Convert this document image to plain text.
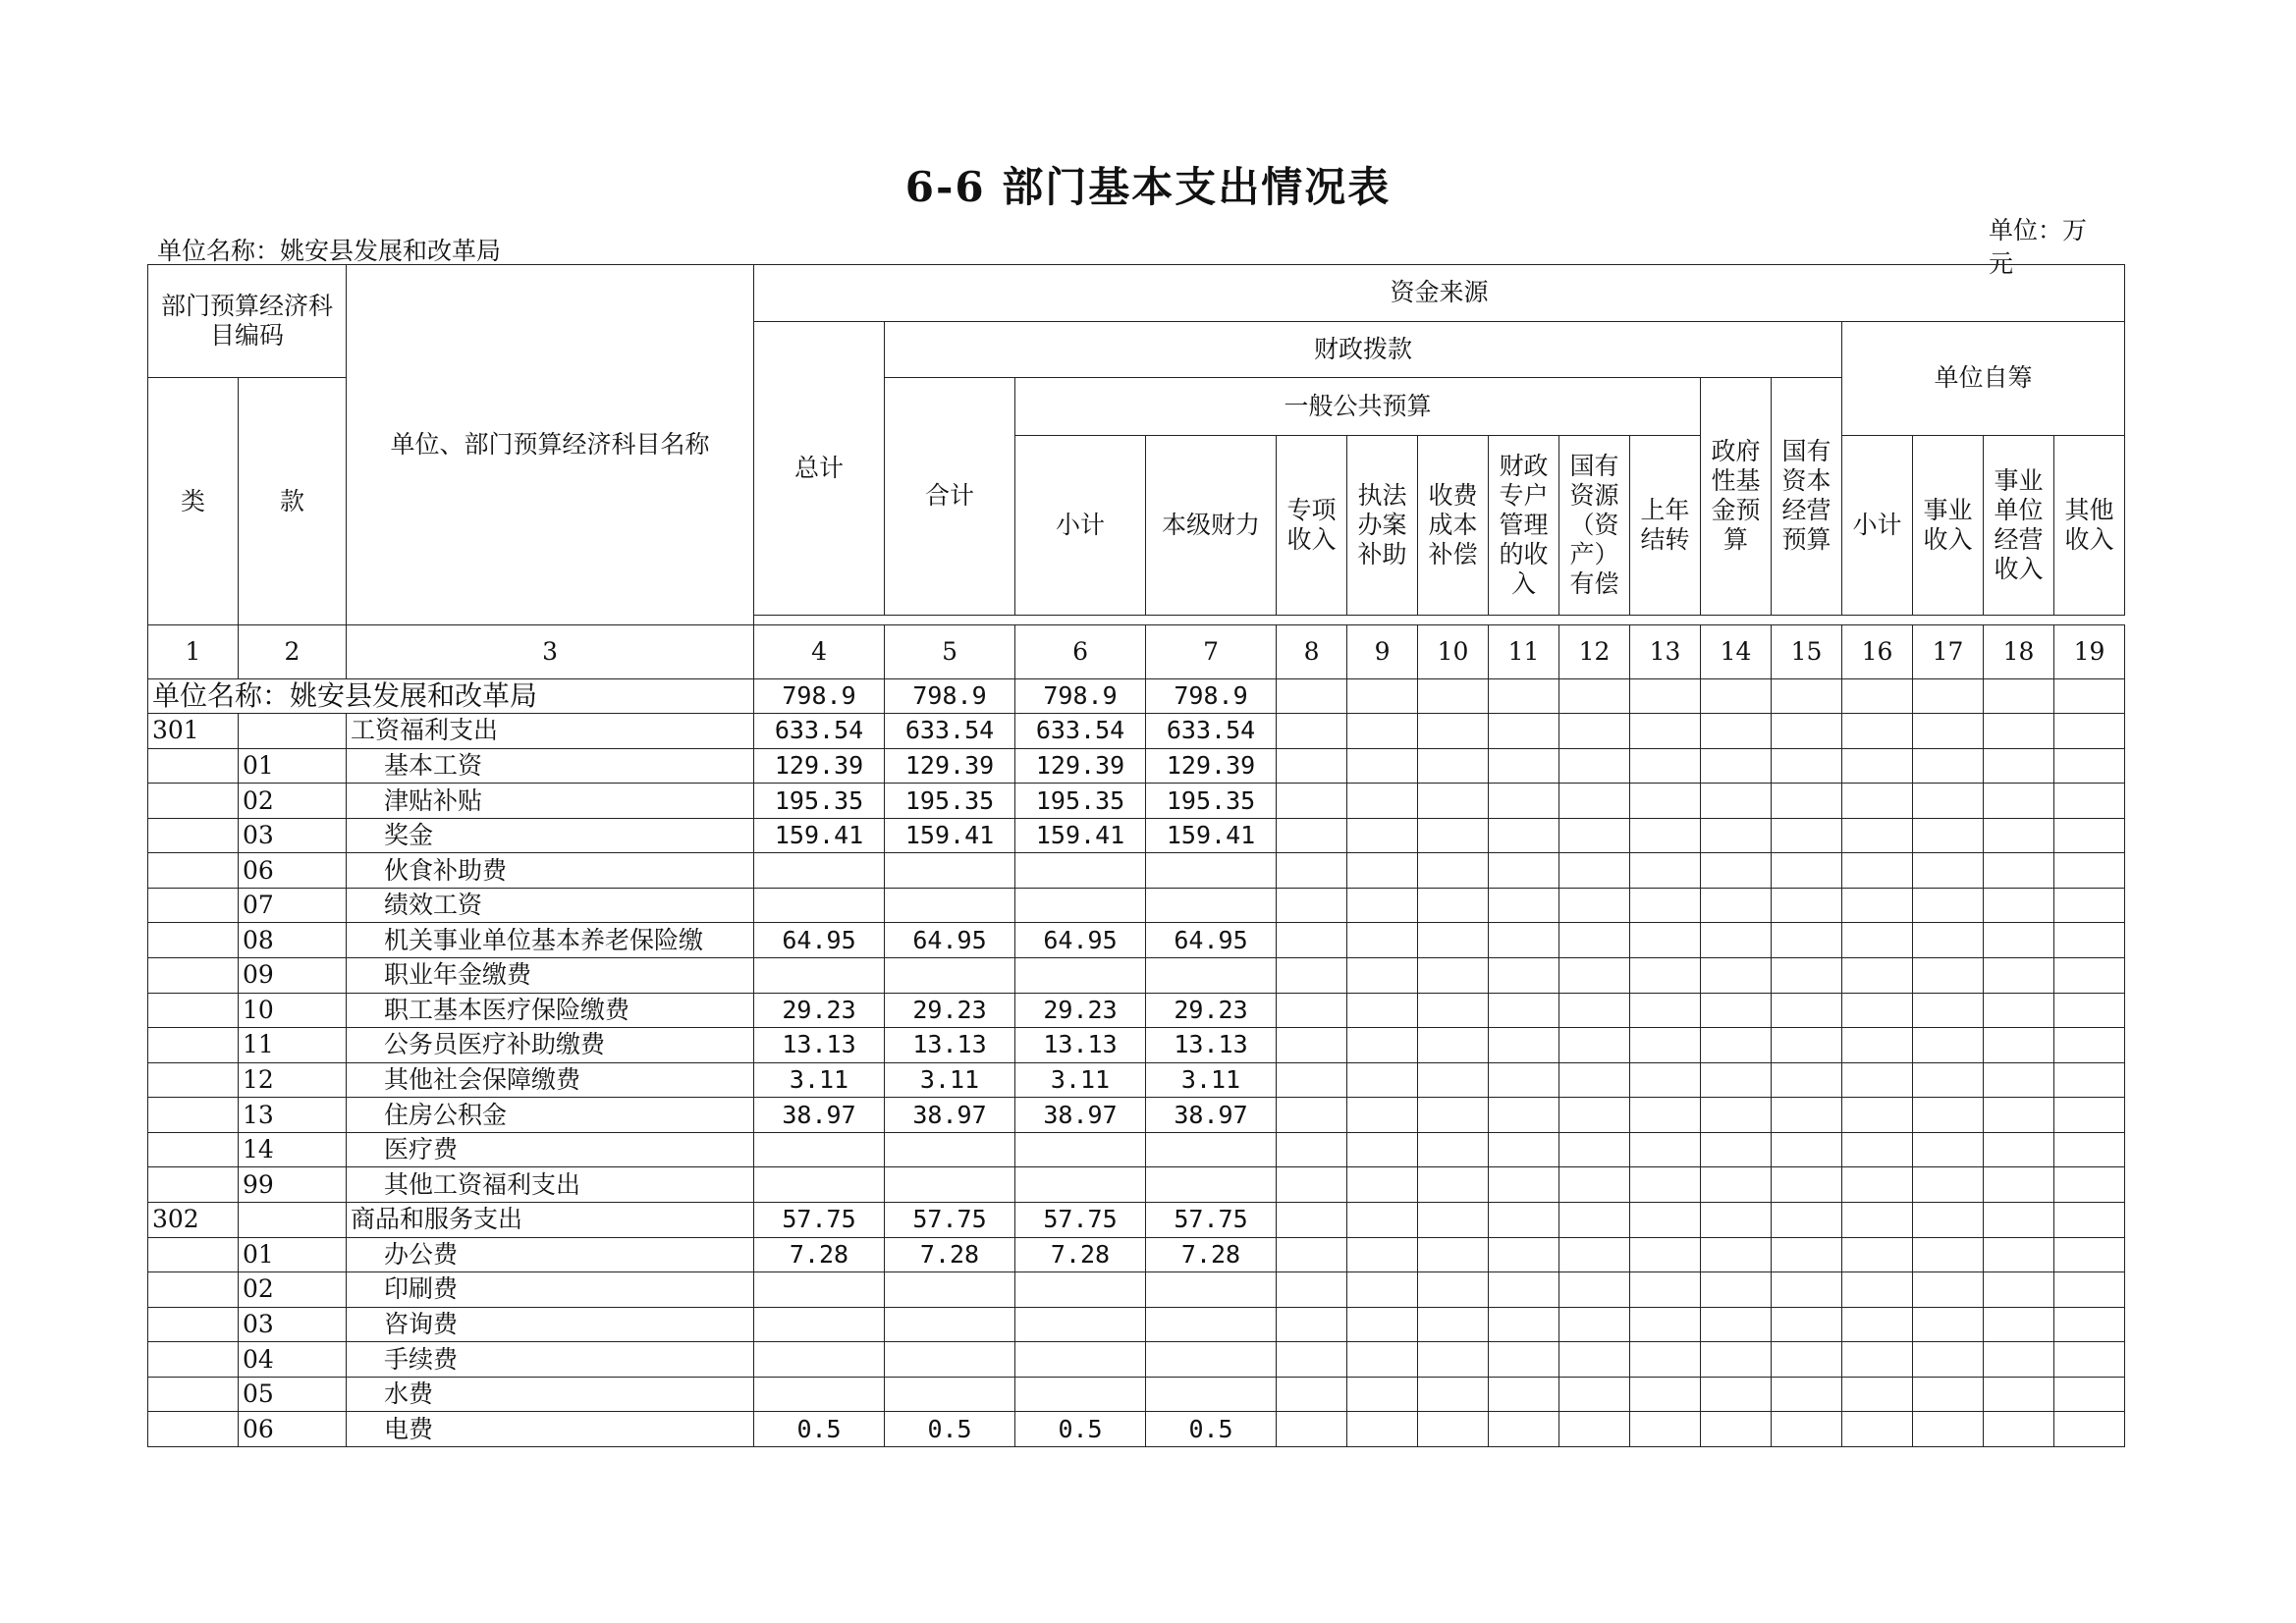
6-6 部门基本支出情况表
单位名称：姚安县发展和改革局
单位：万元
部门预算经济科目编码		单位、部门预算经济科目名称	资金来源															
			总计	财政拨款											单位自筹			
类	款			合计	一般公共预算								政府性基金预算	国有资本经营预算				
					小计	本级财力	专项收入	执法办案补助	收费成本补偿	财政专户管理的收入	国有资源（资产）有偿	上年结转			小计	事业收入	事业单位经营收入	其他收入

1	2	3	4	5	6	7	8	9	10	11	12	13	14	15	16	17	18	19
单位名称：姚安县发展和改革局			798.9	798.9	798.9	798.9												
301		工资福利支出	633.54	633.54	633.54	633.54												
	01	基本工资	129.39	129.39	129.39	129.39												
	02	津贴补贴	195.35	195.35	195.35	195.35												
	03	奖金	159.41	159.41	159.41	159.41												
	06	伙食补助费																
	07	绩效工资																
	08	机关事业单位基本养老保险缴	64.95	64.95	64.95	64.95												
	09	职业年金缴费																
	10	职工基本医疗保险缴费	29.23	29.23	29.23	29.23												
	11	公务员医疗补助缴费	13.13	13.13	13.13	13.13												
	12	其他社会保障缴费	3.11	3.11	3.11	3.11												
	13	住房公积金	38.97	38.97	38.97	38.97												
	14	医疗费																
	99	其他工资福利支出																
302		商品和服务支出	57.75	57.75	57.75	57.75												
	01	办公费	7.28	7.28	7.28	7.28												
	02	印刷费																
	03	咨询费																
	04	手续费																
	05	水费																
	06	电费	0.5	0.5	0.5	0.5												
